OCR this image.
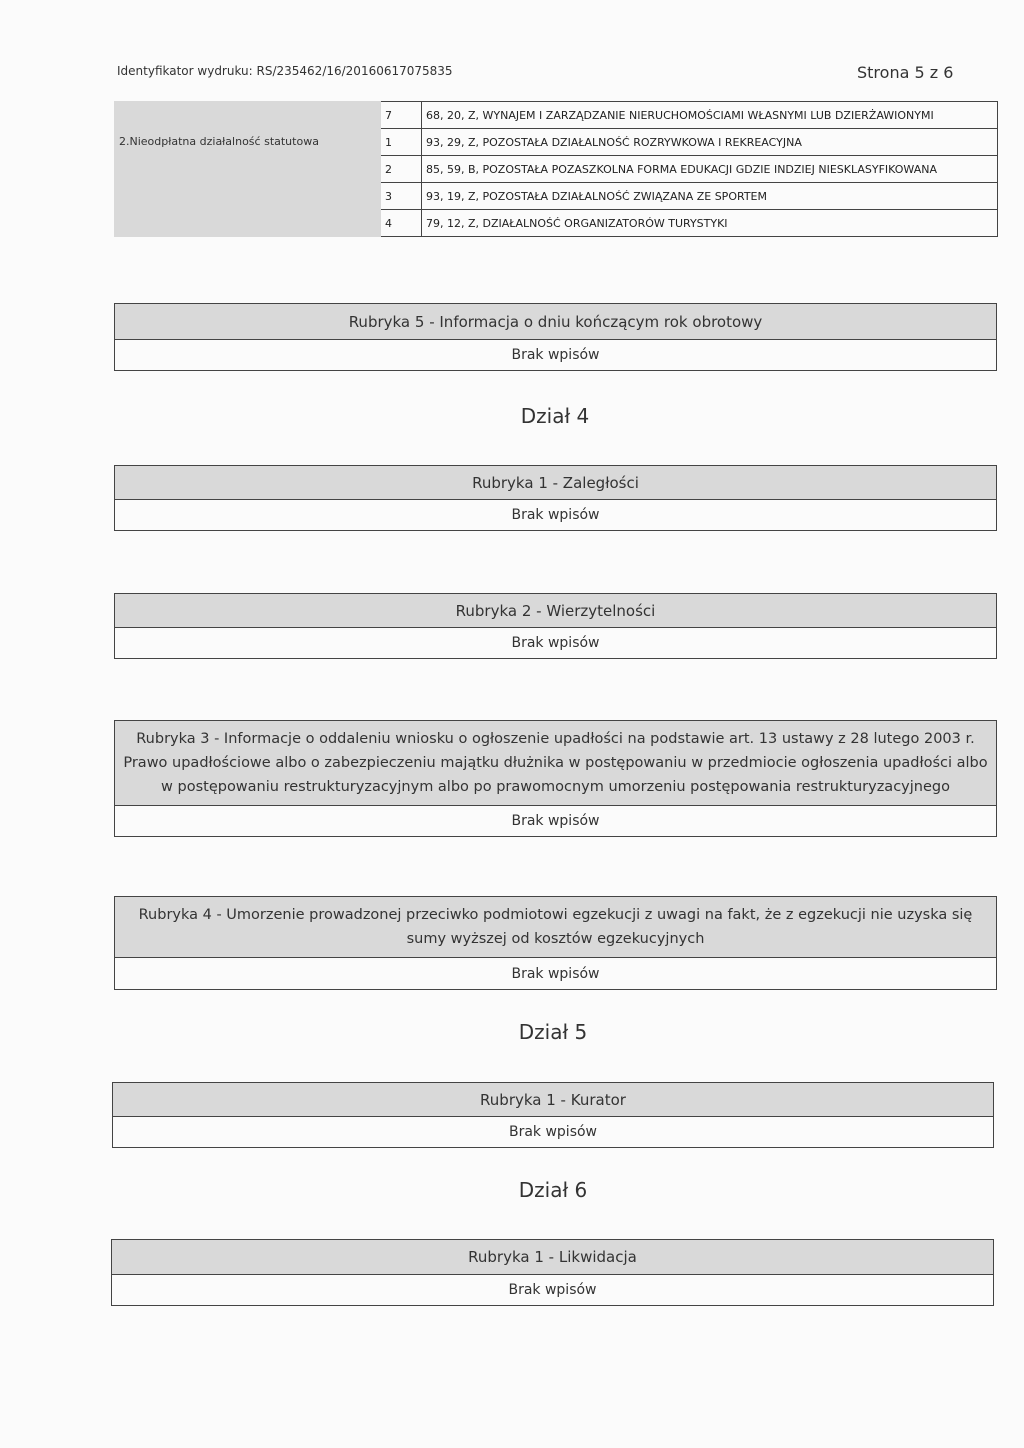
Identyfikator wydruku: RS/235462/16/20160617075835	Strona 5 z 6
	7	68, 20, Z, WYNAJEM I ZARZĄDZANIE NIERUCHOMOŚCIAMI WŁASNYMI LUB DZIERŻAWIONYMI
2.Nieodpłatna działalność statutowa	1	93, 29, Z, POZOSTAŁA DZIAŁALNOŚĆ ROZRYWKOWA I REKREACYJNA
	2	85, 59, B, POZOSTAŁA POZASZKOLNA FORMA EDUKACJI GDZIE INDZIEJ NIESKLASYFIKOWANA
	3	93, 19, Z, POZOSTAŁA DZIAŁALNOŚĆ ZWIĄZANA ZE SPORTEM
	4	79, 12, Z, DZIAŁALNOŚĆ ORGANIZATORÓW TURYSTYKI
Rubryka 5 - Informacja o dniu kończącym rok obrotowy
Brak wpisów
Dział 4
Rubryka 1 - Zaległości
Brak wpisów
Rubryka 2 - Wierzytelności
Brak wpisów
Rubryka 3 - Informacje o oddaleniu wniosku o ogłoszenie upadłości na podstawie art. 13 ustawy z 28 lutego 2003 r.
Prawo upadłościowe albo o zabezpieczeniu majątku dłużnika w postępowaniu w przedmiocie ogłoszenia upadłości albo
w postępowaniu restrukturyzacyjnym albo po prawomocnym umorzeniu postępowania restrukturyzacyjnego
Brak wpisów
Rubryka 4 - Umorzenie prowadzonej przeciwko podmiotowi egzekucji z uwagi na fakt, że z egzekucji nie uzyska się
sumy wyższej od kosztów egzekucyjnych
Brak wpisów
Dział 5
Rubryka 1 - Kurator
Brak wpisów
Dział 6
Rubryka 1 - Likwidacja
Brak wpisów
